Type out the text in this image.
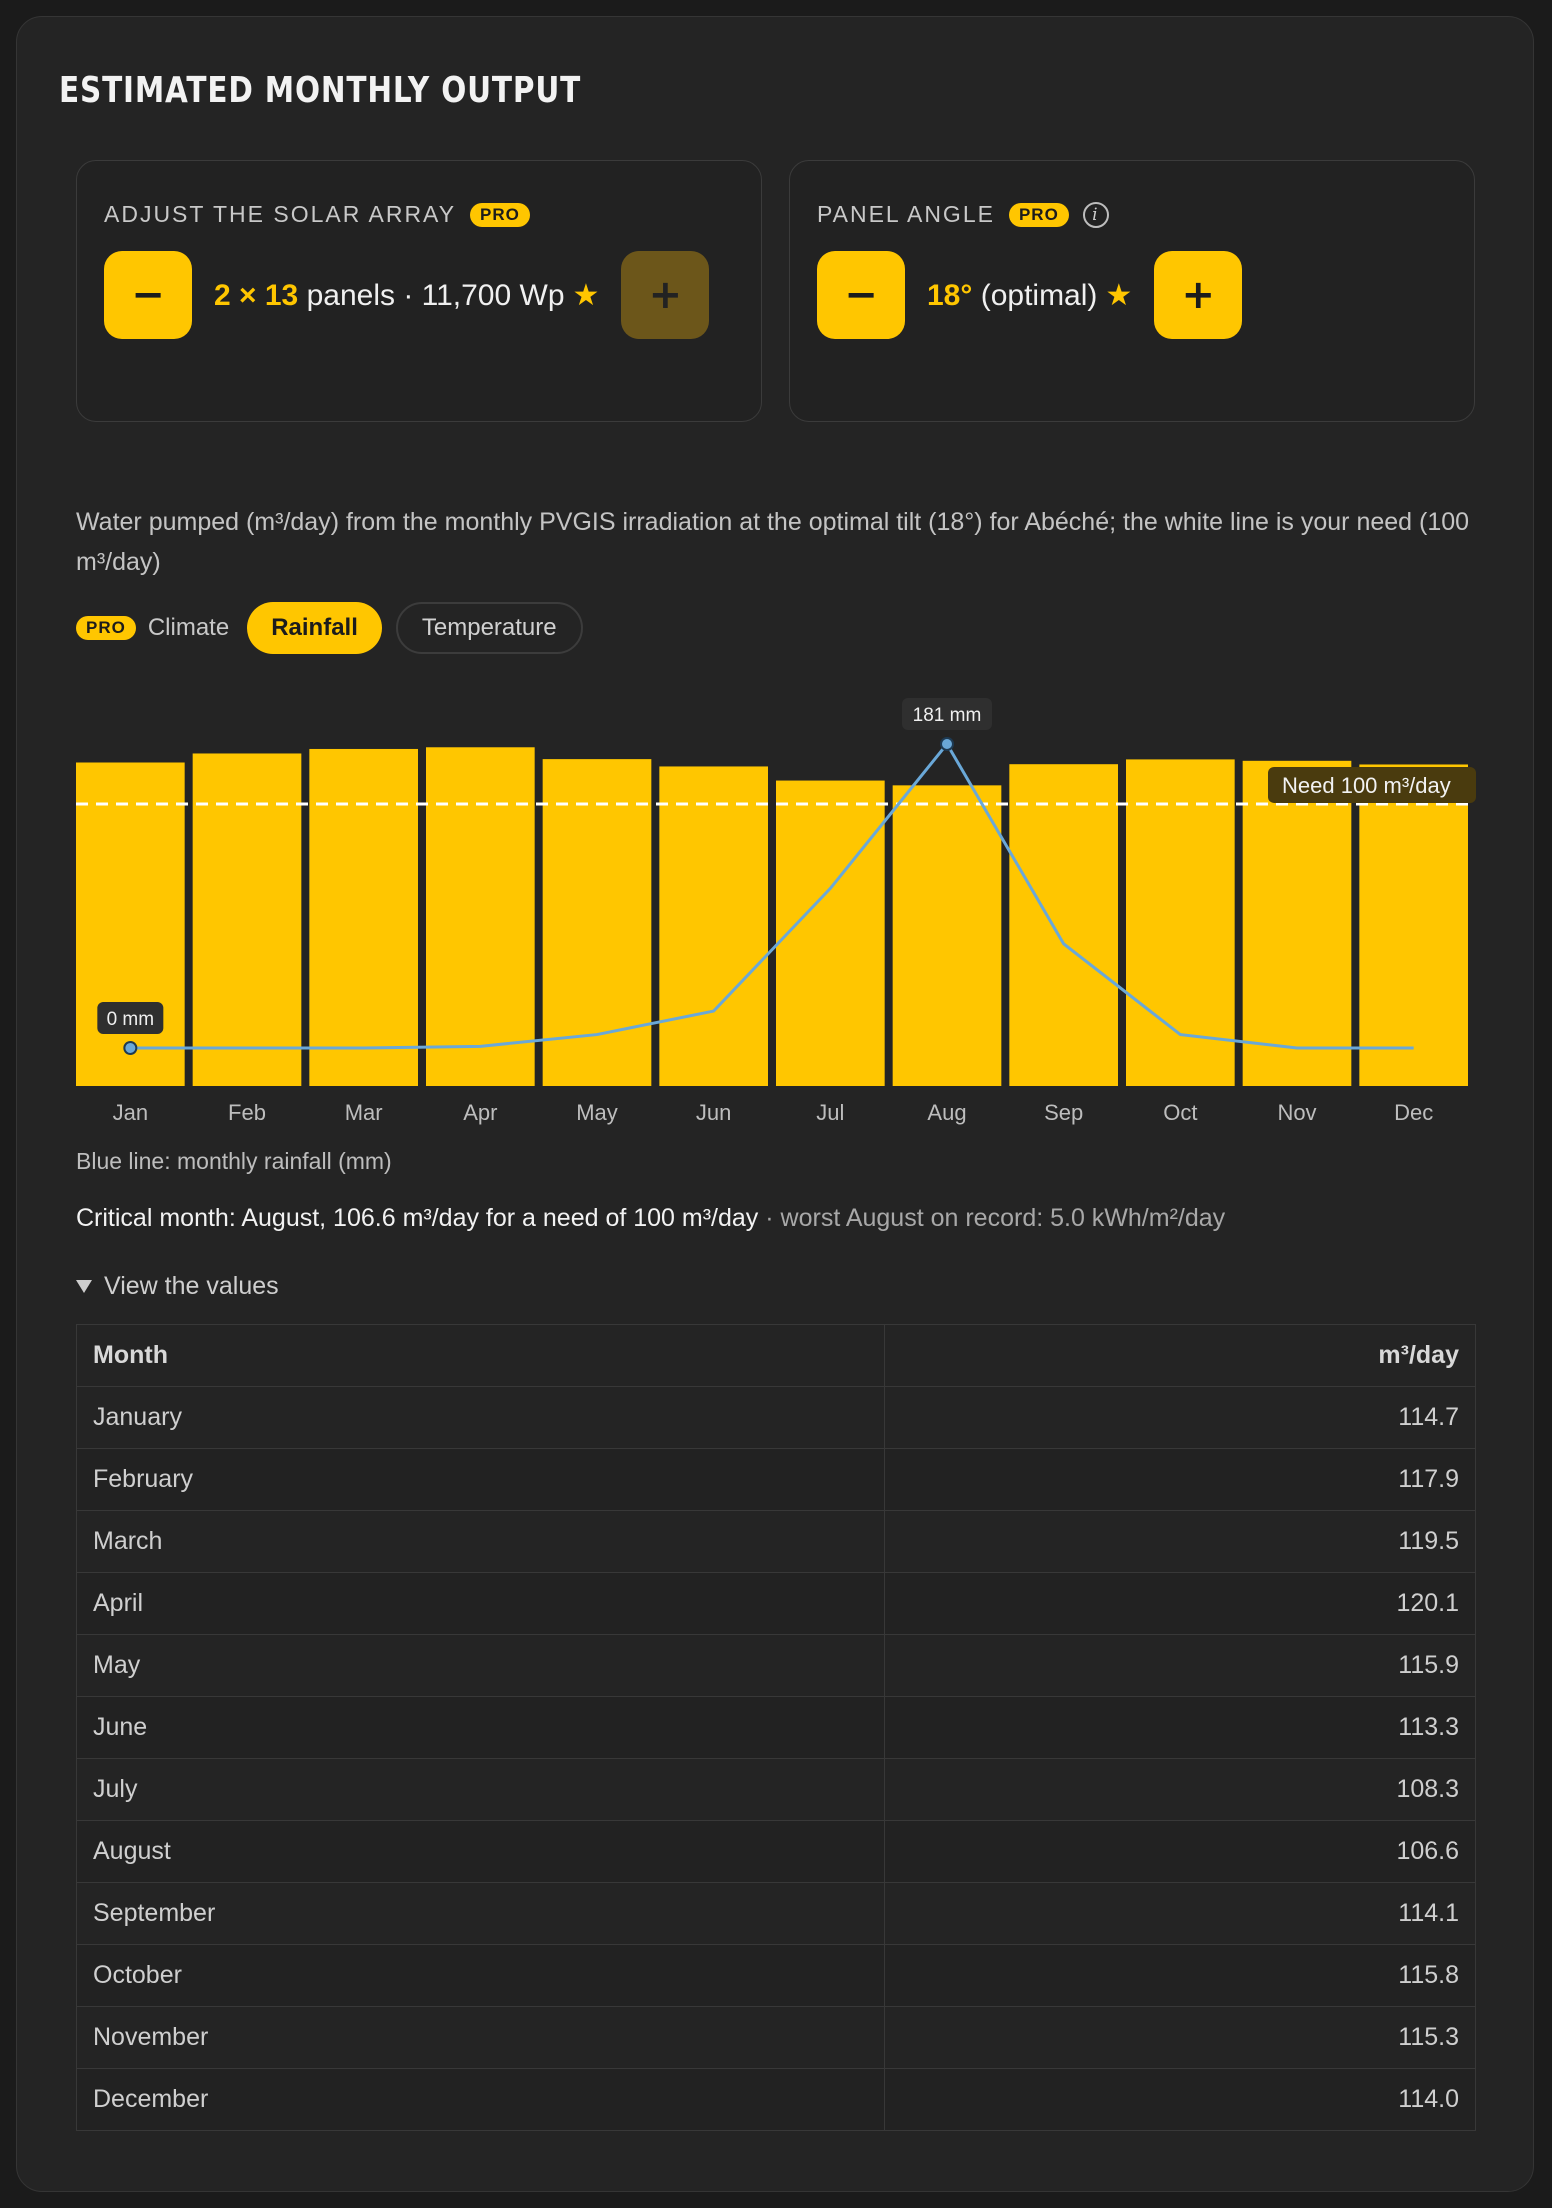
ESTIMATED MONTHLY OUTPUT
ADJUST THE SOLAR ARRAY	PRO
−	2 × 13 panels · 11,700 Wp ★	+
PANEL ANGLE	PRO	i
−	18° (optimal) ★	+
Water pumped (m³/day) from the monthly PVGIS irradiation at the optimal tilt (18°) for Abéché; the white line is your need (100 m³/day)
PRO Climate	Rainfall	Temperature
Jan	Feb	Mar	Apr	May	Jun	Jul	Aug	Sep	Oct	Nov	Dec
Need 100 m³/day
0 mm
181 mm
Blue line: monthly rainfall (mm)
Critical month: August, 106.6 m³/day for a need of 100 m³/day · worst August on record: 5.0 kWh/m²/day
View the values
Month	m³/day
January	114.7
February	117.9
March	119.5
April	120.1
May	115.9
June	113.3
July	108.3
August	106.6
September	114.1
October	115.8
November	115.3
December	114.0
